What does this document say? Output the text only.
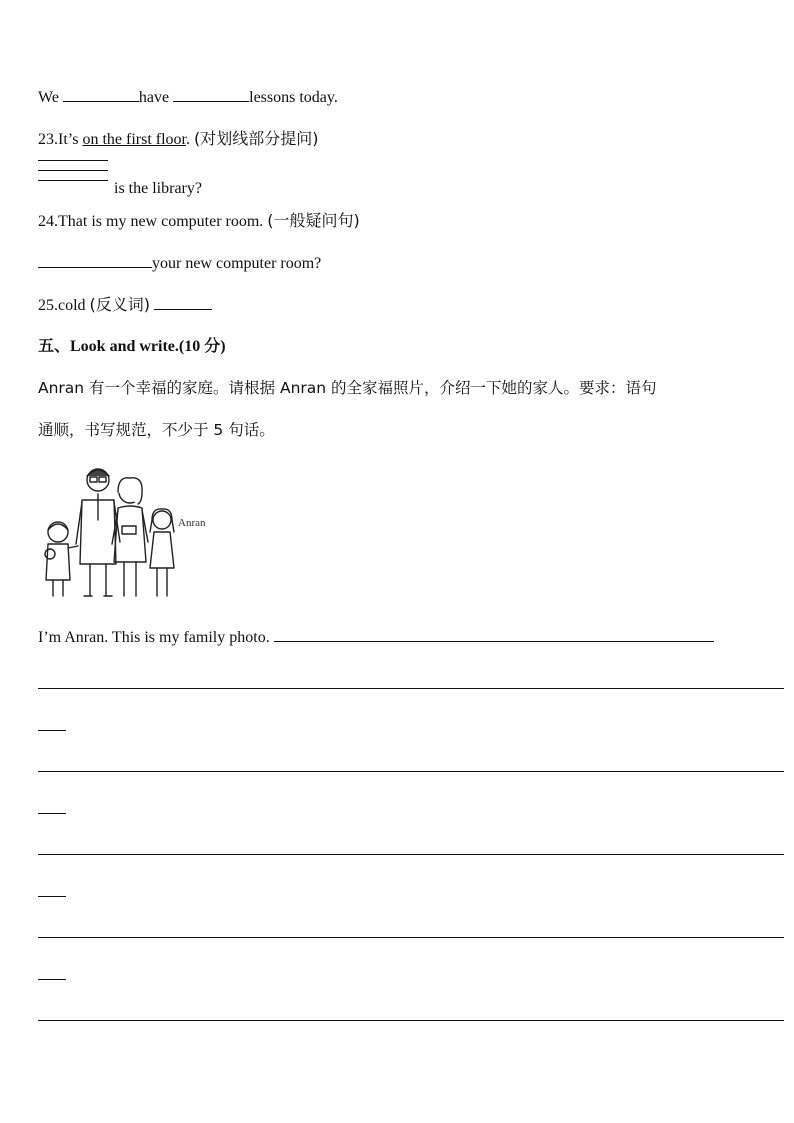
We	have	lessons today.
23.It’s on the first floor. (对划线部分提问)
is the library?
24.That is my new computer room. (一般疑问句)
your new computer room?
25.cold (反义词)
五、Look and write.(10 分)
Anran 有一个幸福的家庭。请根据 Anran 的全家福照片，介绍一下她的家人。要求：语句
通顺，书写规范，不少于 5 句话。
Anran
I’m Anran. This is my family photo.
